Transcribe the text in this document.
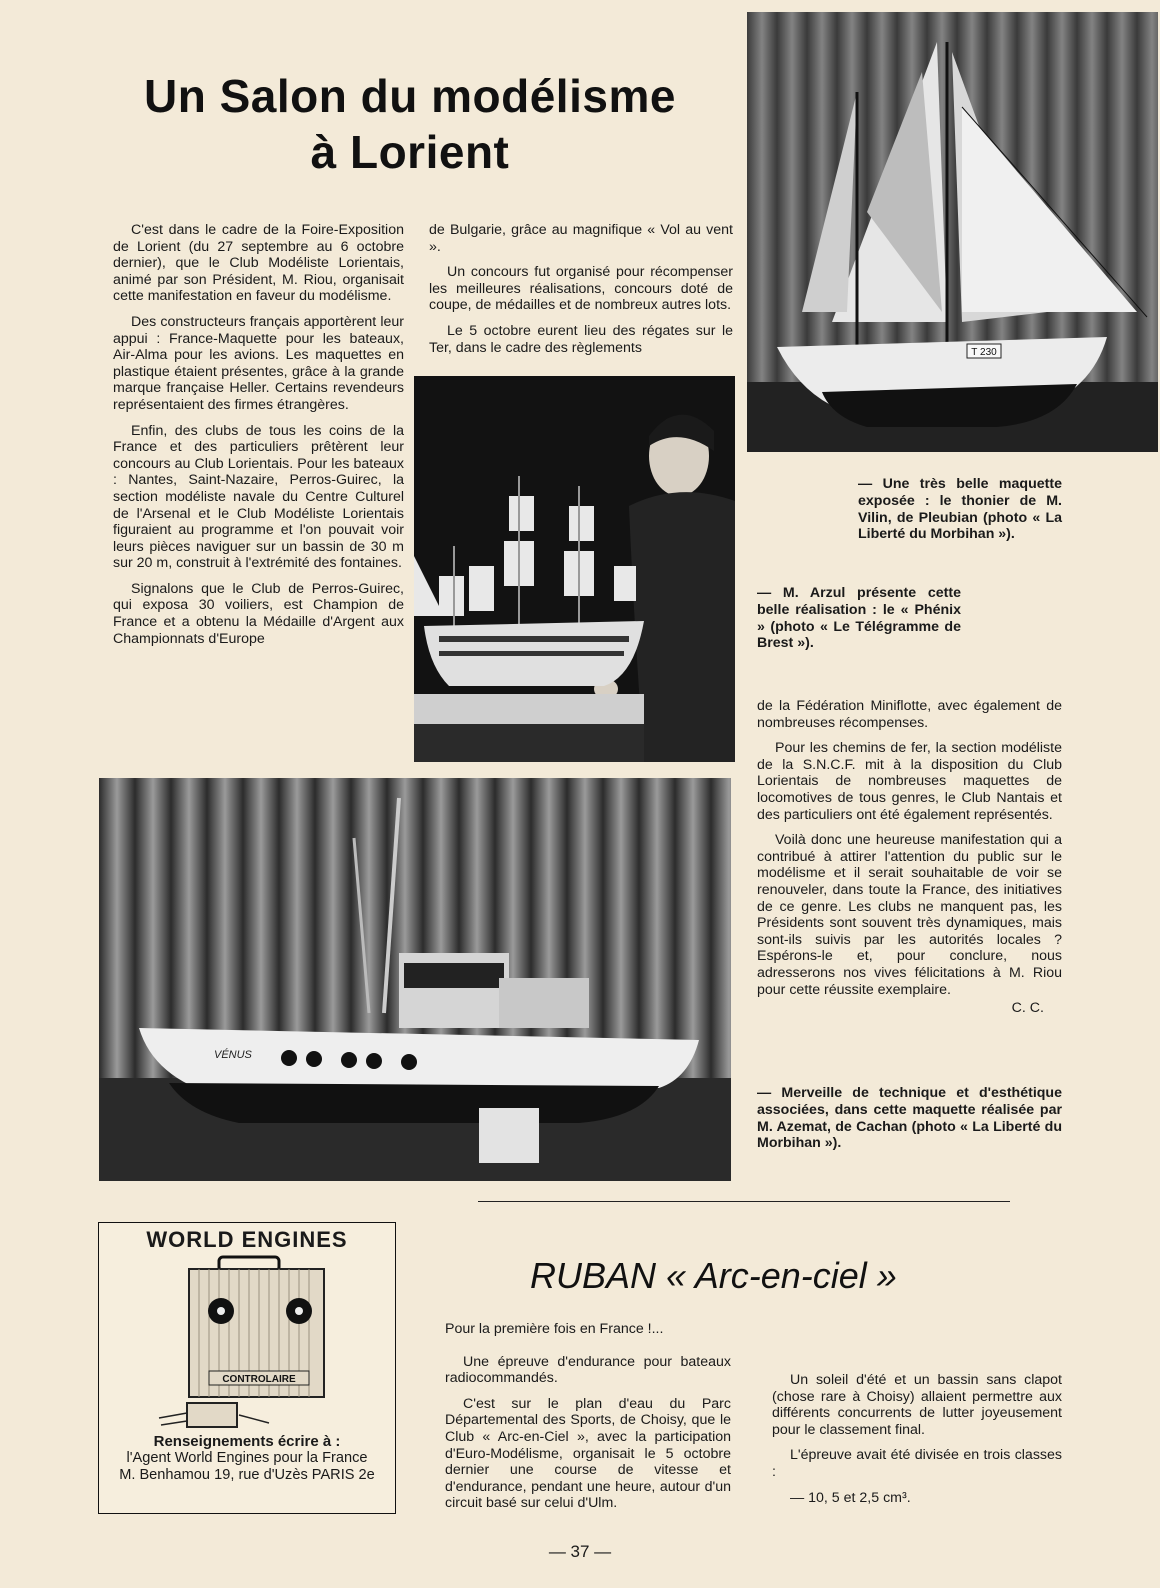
Un Salon du modélisme
à Lorient

C'est dans le cadre de la Foire-Exposition de Lorient (du 27 septembre au 6 octobre dernier), que le Club Modéliste Lorientais, animé par son Président, M. Riou, organisait cette manifestation en faveur du modélisme.

Des constructeurs français apportèrent leur appui : France-Maquette pour les bateaux, Air-Alma pour les avions. Les maquettes en plastique étaient présentes, grâce à la grande marque française Heller. Certains revendeurs représentaient des firmes étrangères.

Enfin, des clubs de tous les coins de la France et des particuliers prêtèrent leur concours au Club Lorientais. Pour les bateaux : Nantes, Saint-Nazaire, Perros-Guirec, la section modéliste navale du Centre Culturel de l'Arsenal et le Club Modéliste Lorientais figuraient au programme et l'on pouvait voir leurs pièces naviguer sur un bassin de 30 m sur 20 m, construit à l'extrémité des fontaines.

Signalons que le Club de Perros-Guirec, qui exposa 30 voiliers, est Champion de France et a obtenu la Médaille d'Argent aux Championnats d'Europe

de Bulgarie, grâce au magnifique « Vol au vent ».

Un concours fut organisé pour récompenser les meilleures réalisations, concours doté de coupe, de médailles et de nombreux autres lots.

Le 5 octobre eurent lieu des régates sur le Ter, dans le cadre des règlements	T 230
— Une très belle maquette exposée : le thonier de M. Vilin, de Pleubian (photo « La Liberté du Morbihan »).
— M. Arzul présente cette belle réalisation : le « Phénix » (photo « Le Télégramme de Brest »).

de la Fédération Miniflotte, avec également de nombreuses récompenses.

Pour les chemins de fer, la section modéliste de la S.N.C.F. mit à la disposition du Club Lorientais de nombreuses maquettes de locomotives de tous genres, le Club Nantais et des particuliers ont été également représentés.

Voilà donc une heureuse manifestation qui a contribué à attirer l'attention du public sur le modélisme et il serait souhaitable de voir se renouveler, dans toute la France, des initiatives de ce genre. Les clubs ne manquent pas, les Présidents sont souvent très dynamiques, mais sont-ils suivis par les autorités locales ? Espérons-le et, pour conclure, nous adresserons nos vives félicitations à M. Riou pour cette réussite exemplaire.

C. C.
VÉNUS
— Merveille de technique et d'esthétique associées, dans cette maquette réalisée par M. Azemat, de Cachan (photo « La Liberté du Morbihan »).
WORLD ENGINES
CONTROLAIRE
Renseignements écrire à :
l'Agent World Engines pour la France
M. Benhamou 19, rue d'Uzès PARIS 2e
RUBAN « Arc-en-ciel »

Pour la première fois en France !...

Une épreuve d'endurance pour bateaux radiocommandés.

C'est sur le plan d'eau du Parc Départemental des Sports, de Choisy, que le Club « Arc-en-Ciel », avec la participation d'Euro-Modélisme, organisait le 5 octobre dernier une course de vitesse et d'endurance, pendant une heure, autour d'un circuit basé sur celui d'Ulm.

Un soleil d'été et un bassin sans clapot (chose rare à Choisy) allaient permettre aux différents concurrents de lutter joyeusement pour le classement final.

L'épreuve avait été divisée en trois classes :

— 10, 5 et 2,5 cm³.

— 37 —
